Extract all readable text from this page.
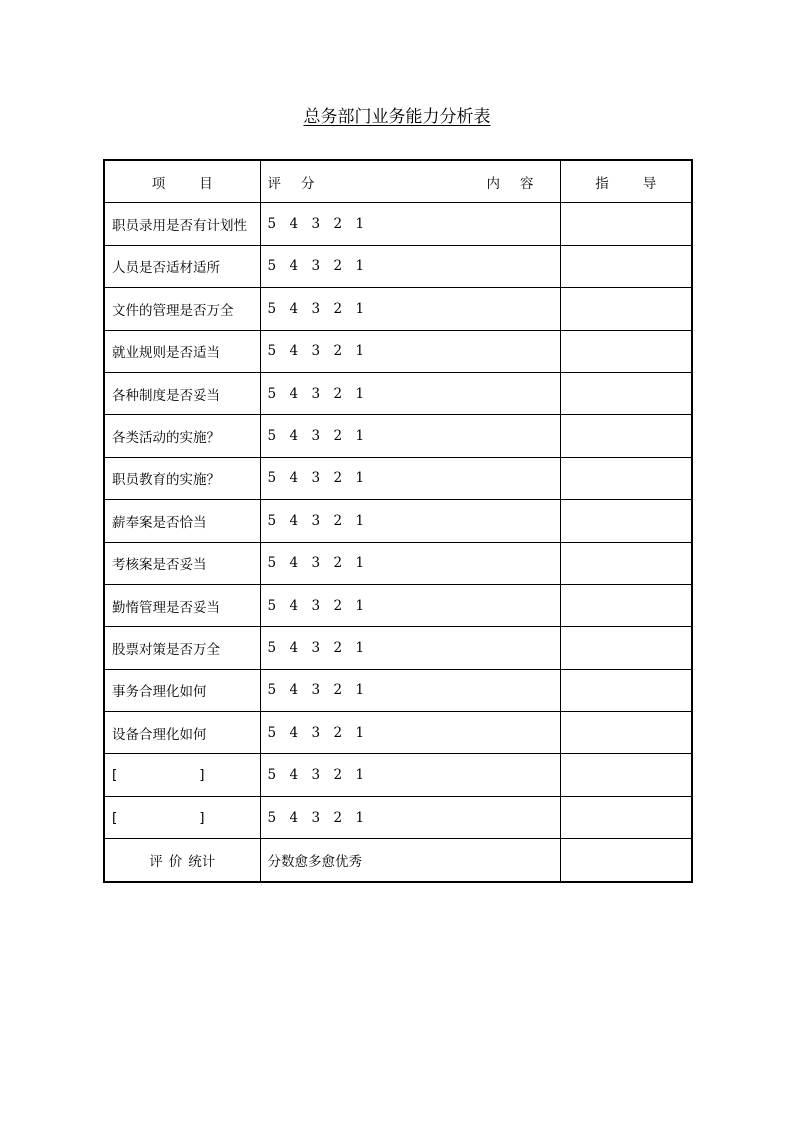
总务部门业务能力分析表
项 目	评 分 内 容	指 导
职员录用是否有计划性	5 4 3 2 1	
人员是否适材适所	5 4 3 2 1	
文件的管理是否万全	5 4 3 2 1	
就业规则是否适当	5 4 3 2 1	
各种制度是否妥当	5 4 3 2 1	
各类活动的实施？	5 4 3 2 1	
职员教育的实施？	5 4 3 2 1	
薪奉案是否恰当	5 4 3 2 1	
考核案是否妥当	5 4 3 2 1	
勤惰管理是否妥当	5 4 3 2 1	
股票对策是否万全	5 4 3 2 1	
事务合理化如何	5 4 3 2 1	
设备合理化如何	5 4 3 2 1	
[ ]	5 4 3 2 1	
[ ]	5 4 3 2 1	
评 价 统计	分数愈多愈优秀	
